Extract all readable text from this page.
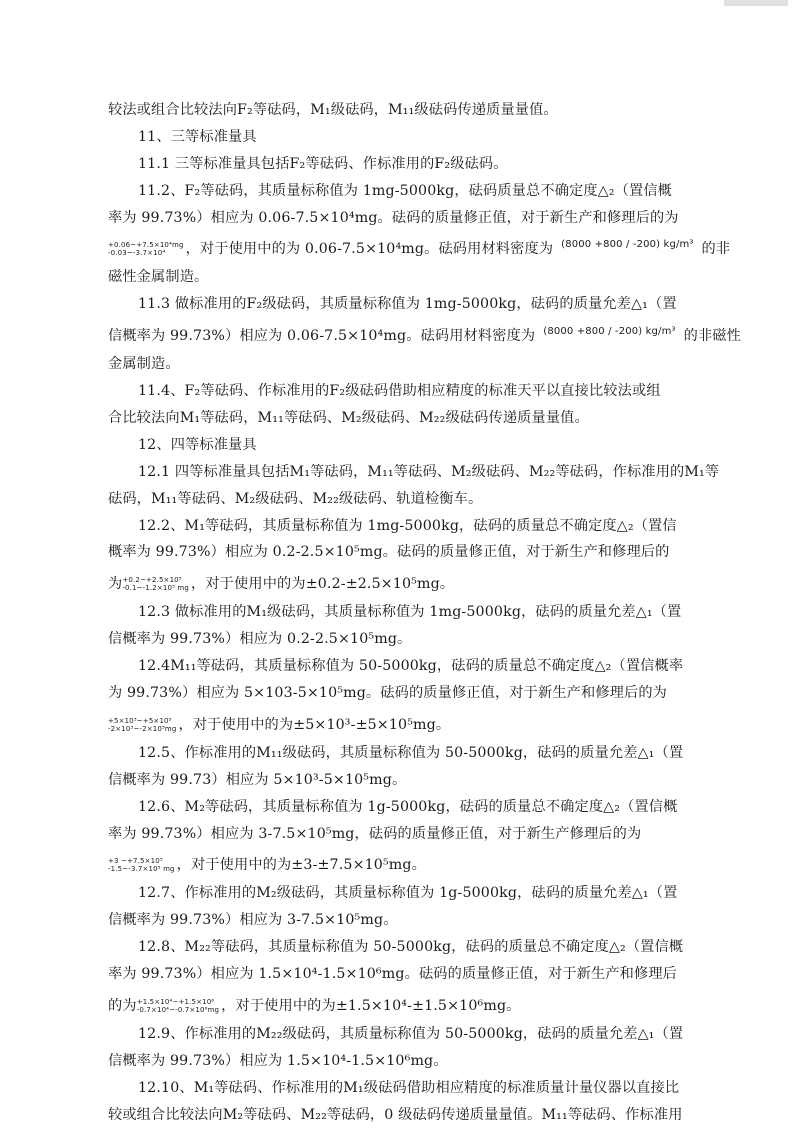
较法或组合比较法向F₂等砝码，M₁级砝码，M₁₁级砝码传递质量量值。
11、三等标准量具
11.1 三等标准量具包括F₂等砝码、作标准用的F₂级砝码。
11.2、F₂等砝码，其质量标称值为 1mg-5000kg，砝码质量总不确定度△₂（置信概
率为 99.73%）相应为 0.06-7.5×10⁴mg。砝码的质量修正值，对于新生产和修理后的为
+0.06~+7.5×10⁴mg
-0.03~-3.7×10⁴	，对于使用中的为 0.06-7.5×10⁴mg。砝码用材料密度为 (8000 +800 / -200) kg/m³ 的非
磁性金属制造。
11.3 做标准用的F₂级砝码，其质量标称值为 1mg-5000kg，砝码的质量允差△₁（置
信概率为 99.73%）相应为 0.06-7.5×10⁴mg。砝码用材料密度为 (8000 +800 / -200) kg/m³ 的非磁性
金属制造。
11.4、F₂等砝码、作标准用的F₂级砝码借助相应精度的标准天平以直接比较法或组
合比较法向M₁等砝码，M₁₁等砝码、M₂级砝码、M₂₂级砝码传递质量量值。
12、四等标准量具
12.1 四等标准量具包括M₁等砝码，M₁₁等砝码、M₂级砝码、M₂₂等砝码，作标准用的M₁等
砝码，M₁₁等砝码、M₂级砝码、M₂₂级砝码、轨道检衡车。
12.2、M₁等砝码，其质量标称值为 1mg-5000kg，砝码的质量总不确定度△₂（置信
概率为 99.73%）相应为 0.2-2.5×10⁵mg。砝码的质量修正值，对于新生产和修理后的
为 +0.2~+2.5×10⁵
-0.1~-1.2×10⁵ mg ，对于使用中的为±0.2-±2.5×10⁵mg。
12.3 做标准用的M₁级砝码，其质量标称值为 1mg-5000kg，砝码的质量允差△₁（置
信概率为 99.73%）相应为 0.2-2.5×10⁵mg。
12.4M₁₁等砝码，其质量标称值为 50-5000kg，砝码的质量总不确定度△₂（置信概率
为 99.73%）相应为 5×103-5×10⁵mg。砝码的质量修正值，对于新生产和修理后的为
+5×10³~+5×10⁵
-2×10³~-2×10⁵mg ，对于使用中的为±5×10³-±5×10⁵mg。
12.5、作标准用的M₁₁级砝码，其质量标称值为 50-5000kg，砝码的质量允差△₁（置
信概率为 99.73）相应为 5×10³-5×10⁵mg。
12.6、M₂等砝码，其质量标称值为 1g-5000kg，砝码的质量总不确定度△₂（置信概
率为 99.73%）相应为 3-7.5×10⁵mg，砝码的质量修正值，对于新生产修理后的为
+3 ~+7.5×10⁵
-1.5~-3.7×10⁵ mg ，对于使用中的为±3-±7.5×10⁵mg。
12.7、作标准用的M₂级砝码，其质量标称值为 1g-5000kg，砝码的质量允差△₁（置
信概率为 99.73%）相应为 3-7.5×10⁵mg。
12.8、M₂₂等砝码，其质量标称值为 50-5000kg，砝码的质量总不确定度△₂（置信概
率为 99.73%）相应为 1.5×10⁴-1.5×10⁶mg。砝码的质量修正值，对于新生产和修理后
的为 +1.5×10⁴~+1.5×10⁶
-0.7×10⁴~-0.7×10⁶mg ，对于使用中的为±1.5×10⁴-±1.5×10⁶mg。
12.9、作标准用的M₂₂级砝码，其质量标称值为 50-5000kg，砝码的质量允差△₁（置
信概率为 99.73%）相应为 1.5×10⁴-1.5×10⁶mg。
12.10、M₁等砝码、作标准用的M₁级砝码借助相应精度的标准质量计量仪器以直接比
较或组合比较法向M₂等砝码、M₂₂等砝码，0 级砝码传递质量量值。M₁₁等砝码、作标准用
